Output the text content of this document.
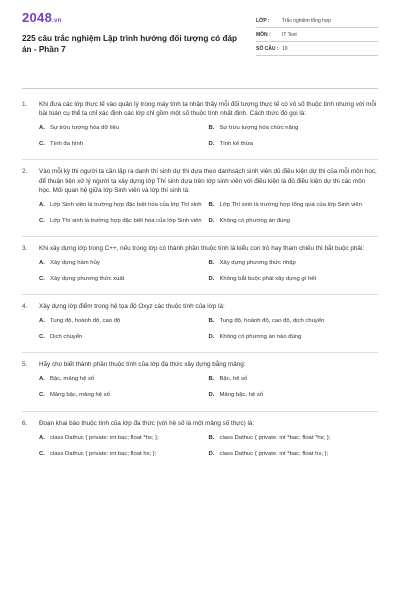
2048.vn
225 câu trắc nghiệm Lập trình hướng đối tượng có đáp án - Phần 7
LỚP :	Trắc nghiệm tổng hợp
MÔN :	IT Test
SỐ CÂU : 19
1.	Khi đưa các lớp thực tế vào quản lý trong máy tính ta nhận thấy mỗi đối tượng thực tế có vô số thuộc tính nhưng với mỗi bài toán cụ thể ta chỉ xác định các lớp chỉ gồm một số thuộc tính nhất định. Cách thức đó gọi là:
A. Sự trừu tượng hóa dữ liệu	B. Sự trừu tượng hóa chức năng
C. Tính đa hình	D. Tính kế thừa
2.	Vào mỗi kỳ thi người ta cần lập ra danh thí sinh dự thi dựa theo danhsách sinh viên dủ điều kiện dự thi của mỗi môn học, để thuận tiện xử lý người ta xây dựng lớp Thí sinh dựa trên lớp sinh viên với điều kiện là đủ điều kiện dự thi các môn học. Mối quan hệ giữa lớp Sinh viên và lớp thí sinh là:
A. Lớp Sinh viên là trường hợp đặc biệt hóa của lớp Thí sinh	B. Lớp Thí sinh là trường hợp tổng quá của lớp Sinh viên
C. Lớp Thí sinh là trường hợp đặc biệt hóa của lớp Sinh viên	D. Không có phương án đúng
3.	Khi xây dựng lớp trong C++, nếu trong lớp có thành phần thuộc tính là kiểu con trỏ hay tham chiếu thì bắt buộc phải:
A. Xây dựng hàm hủy	B. Xây dựng phương thức nhập
C. Xây dựng phương thức xuất	D. Không bắt buộc phải xây dựng gì hết
4.	Xây dựng lớp điểm trong hệ tọa độ Oxyz các thuộc tính của lớp là:
A. Tung độ, hoành độ, cao độ	B. Tung độ, hoành độ, cao độ, dịch chuyển
C. Dịch chuyển	D. Không có phương án nào đúng
5.	Hãy cho biết thành phần thuộc tính của lớp đa thức xây dựng bằng mảng:
A. Bậc, mảng hệ số	B. Bậc, hệ số
C. Mảng bậc, mảng hệ số	D. Mảng bậc, hệ số
6.	Đoạn khai báo thuộc tính của lớp đa thức (với hệ số là một mảng số thực) là:
A. class Dathuc { private: int bac; float *hs; };	B. class Dathuc { private: int *bac; float *hs; };
C. class Dathuc { private: int bac; float hs; };	D. class Dathuc { private: int *bac; float hs; };
